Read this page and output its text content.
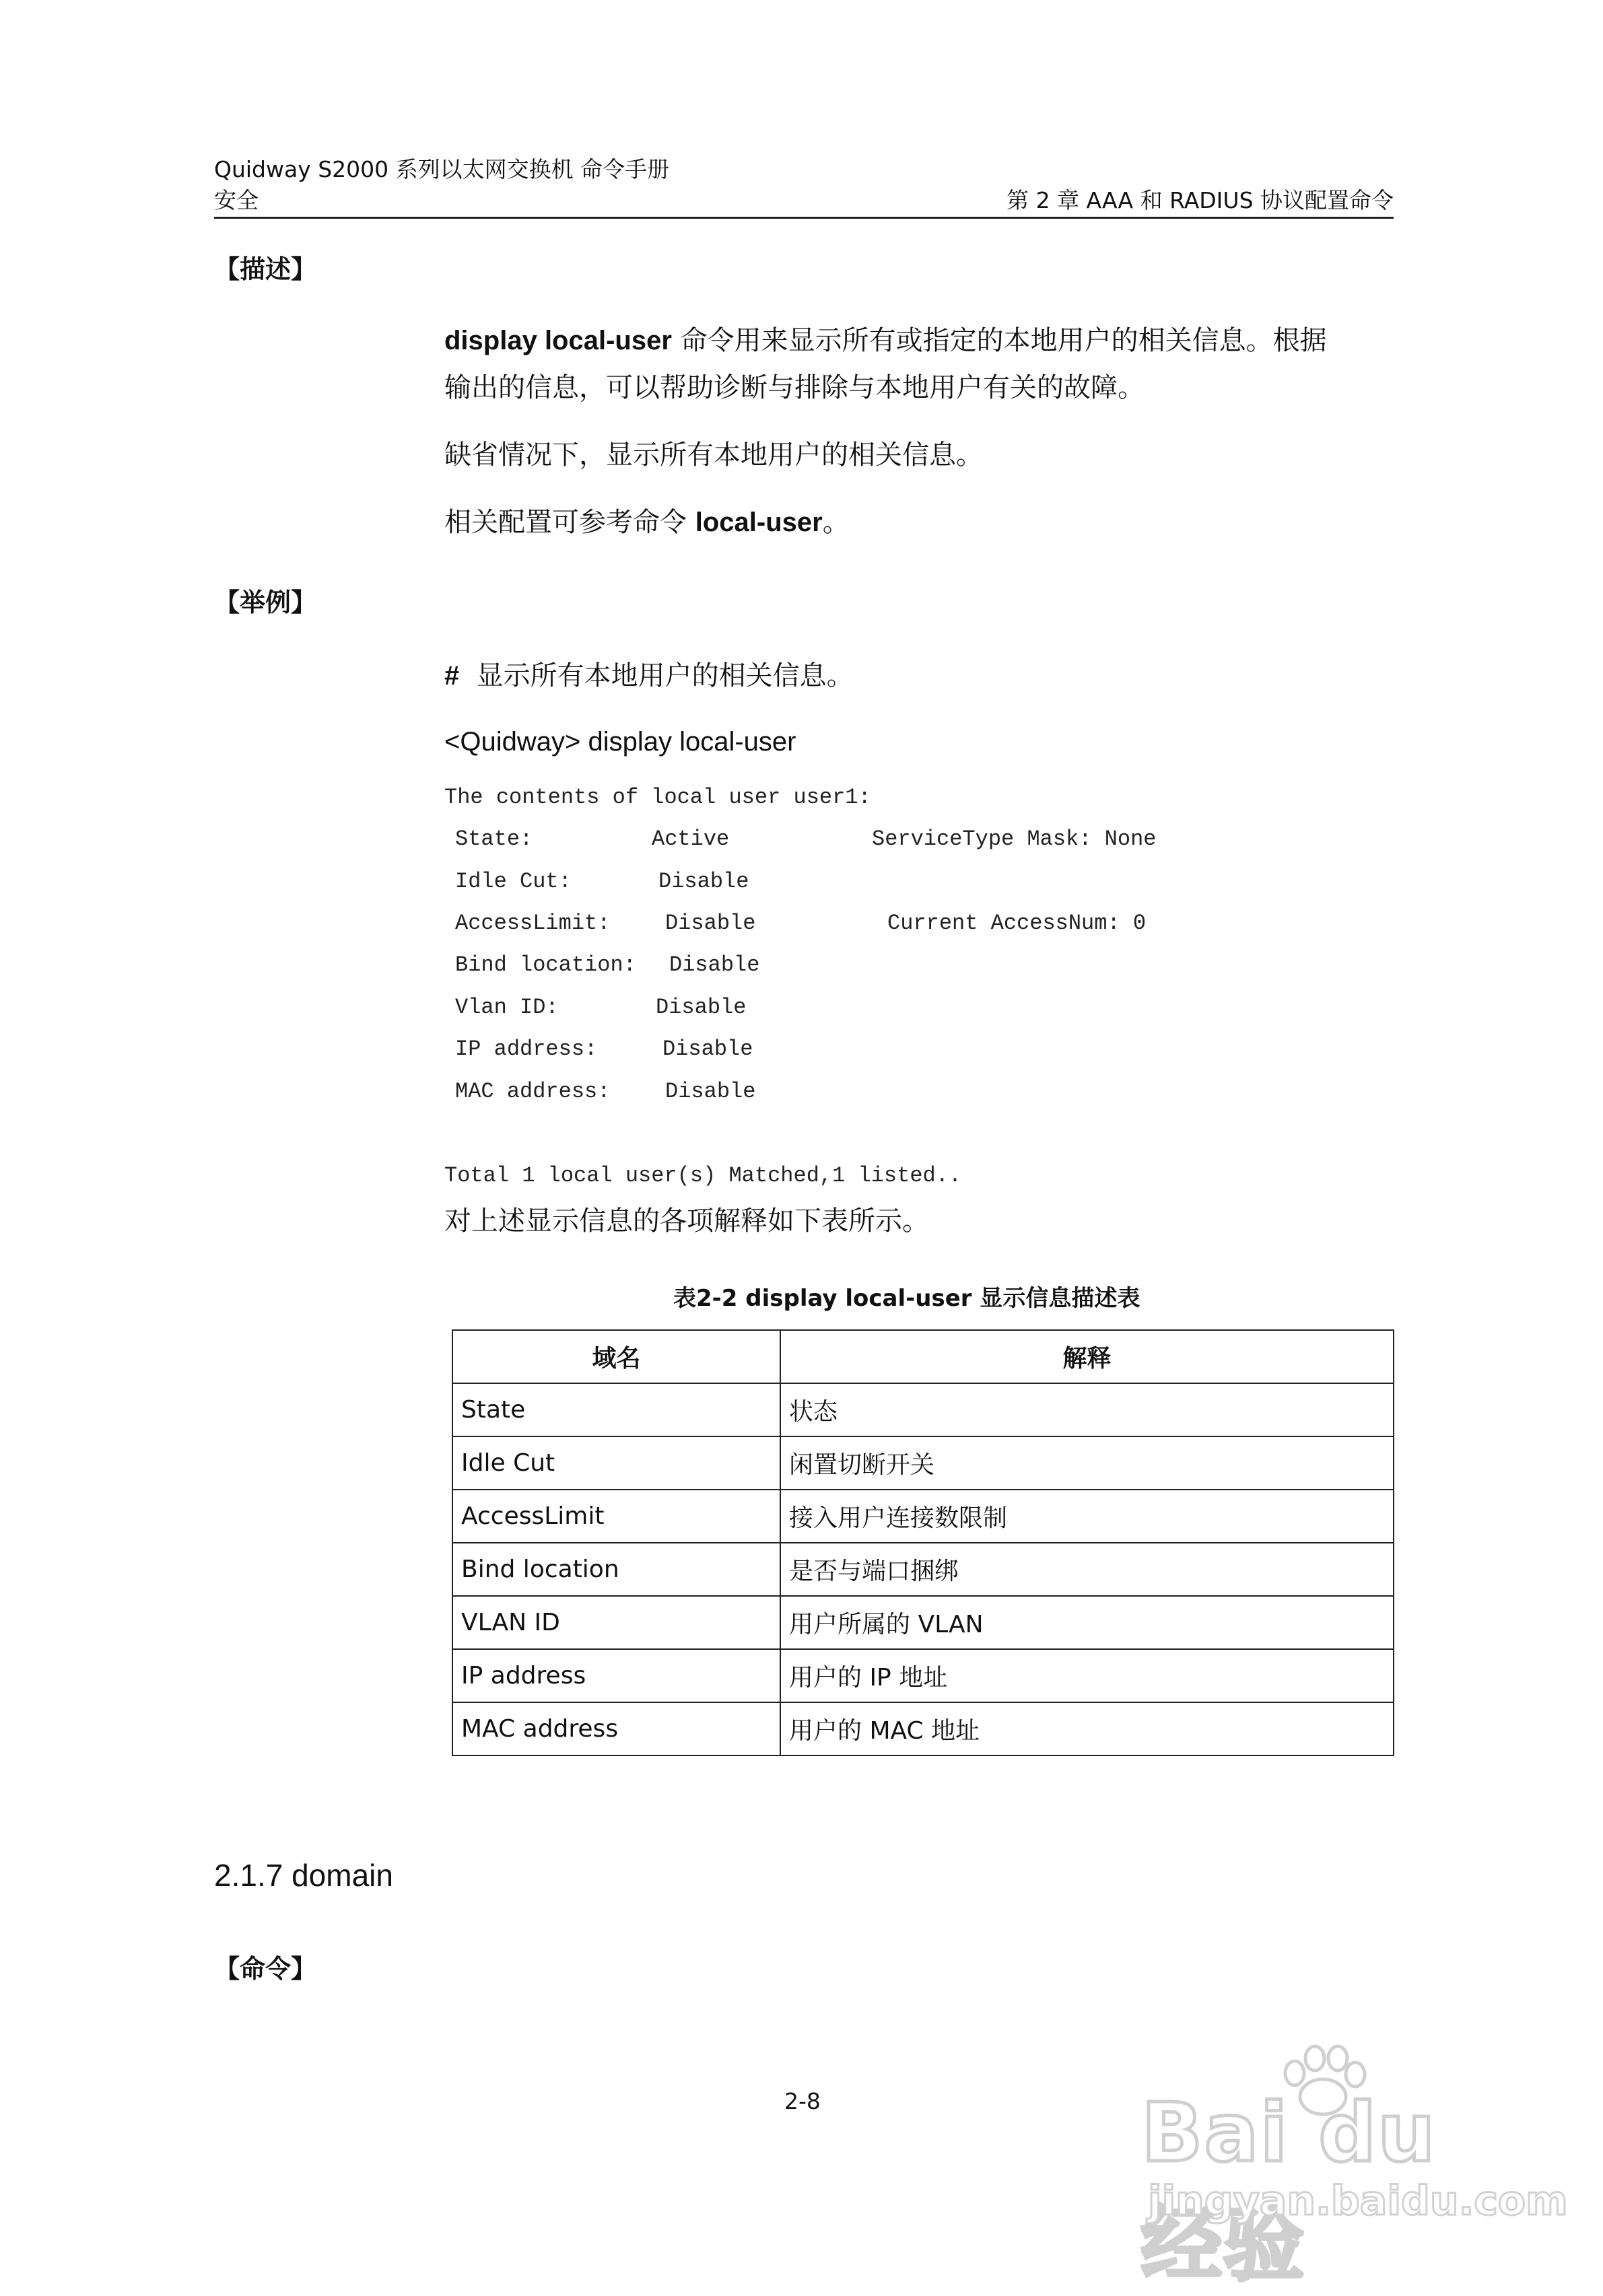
Quidway S2000 系列以太网交换机 命令手册
安全	第 2 章 AAA 和 RADIUS 协议配置命令
【描述】
display local-user 命令用来显示所有或指定的本地用户的相关信息。根据
输出的信息，可以帮助诊断与排除与本地用户有关的故障。
缺省情况下，显示所有本地用户的相关信息。
相关配置可参考命令 local-user。
【举例】
# 显示所有本地用户的相关信息。
<Quidway> display local-user
The contents of local user user1:
State:	Active	ServiceType Mask: None
Idle Cut:	Disable
AccessLimit:	Disable	Current AccessNum: 0
Bind location: Disable
Vlan ID:	Disable
IP address:	Disable
MAC address:	Disable
Total 1 local user(s) Matched,1 listed..
对上述显示信息的各项解释如下表所示。
表2-2 display local-user 显示信息描述表
域名	解释
State	状态
Idle Cut	闲置切断开关
AccessLimit	接入用户连接数限制
Bind location	是否与端口捆绑
VLAN ID	用户所属的 VLAN
IP address	用户的 IP 地址
MAC address	用户的 MAC 地址
2.1.7 domain
【命令】
2-8	Bai du 经验
jingyan.baidu.com
